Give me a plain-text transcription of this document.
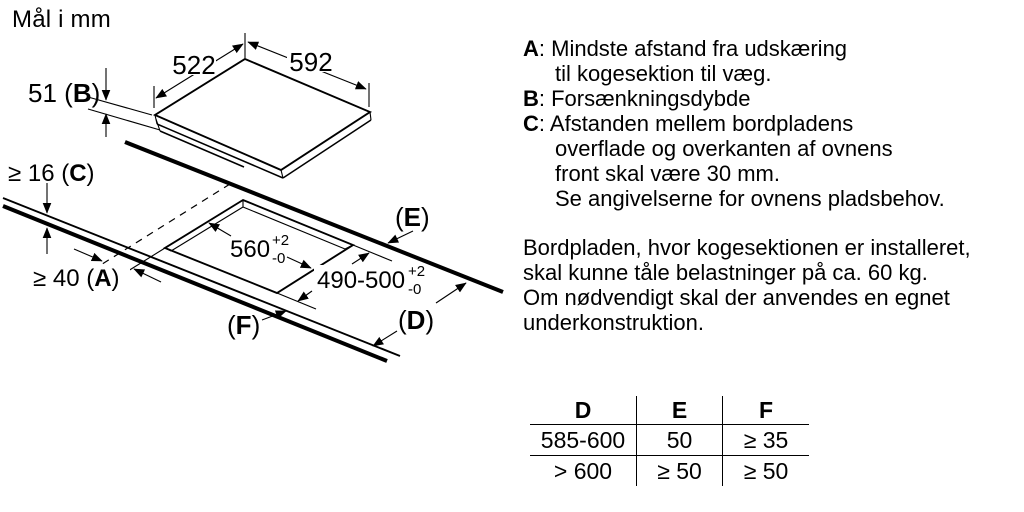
Mål i mm
522	592
51 (B)
≥ 16 (C)
≥ 40 (A)
560 +2
-0
490-500 +2
-0
(E)
(D)
(F)
A: Mindste afstand fra udskæring
til kogesektion til væg.
B: Forsænkningsdybde
C: Afstanden mellem bordpladens
overflade og overkanten af ovnens
front skal være 30 mm.
Se angivelserne for ovnens pladsbehov.
Bordpladen, hvor kogesektionen er installeret,
skal kunne tåle belastninger på ca. 60 kg.
Om nødvendigt skal der anvendes en egnet
underkonstruktion.
D	E	F
585-600	50	≥ 35
> 600	≥ 50	≥ 50
